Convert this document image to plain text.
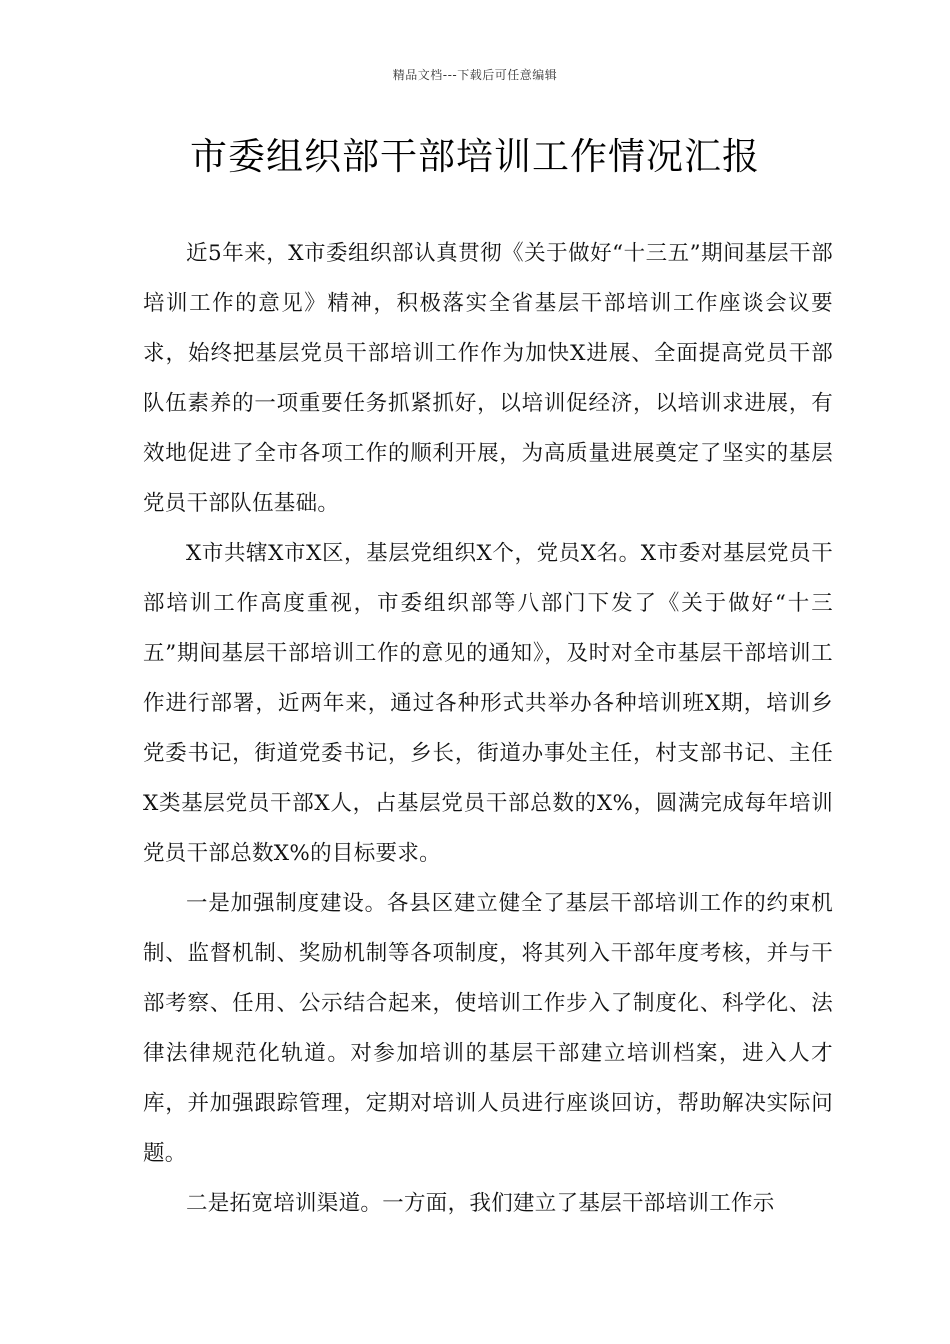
精品文档---下载后可任意编辑
市委组织部干部培训工作情况汇报

近5年来，X市委组织部认真贯彻《关于做好“十三五”期间基层干部培训工作的意见》精神，积极落实全省基层干部培训工作座谈会议要求，始终把基层党员干部培训工作作为加快X进展、全面提高党员干部队伍素养的一项重要任务抓紧抓好，以培训促经济，以培训求进展，有效地促进了全市各项工作的顺利开展，为高质量进展奠定了坚实的基层党员干部队伍基础。

X市共辖X市X区，基层党组织X个，党员X名。X市委对基层党员干部培训工作高度重视，市委组织部等八部门下发了《关于做好“十三五”期间基层干部培训工作的意见的通知》，及时对全市基层干部培训工作进行部署，近两年来，通过各种形式共举办各种培训班X期，培训乡党委书记，街道党委书记，乡长，街道办事处主任，村支部书记、主任X类基层党员干部X人，占基层党员干部总数的X%，圆满完成每年培训党员干部总数X%的目标要求。

一是加强制度建设。各县区建立健全了基层干部培训工作的约束机制、监督机制、奖励机制等各项制度，将其列入干部年度考核，并与干部考察、任用、公示结合起来，使培训工作步入了制度化、科学化、法律法律规范化轨道。对参加培训的基层干部建立培训档案，进入人才库，并加强跟踪管理，定期对培训人员进行座谈回访，帮助解决实际问题。

二是拓宽培训渠道。一方面，我们建立了基层干部培训工作示
